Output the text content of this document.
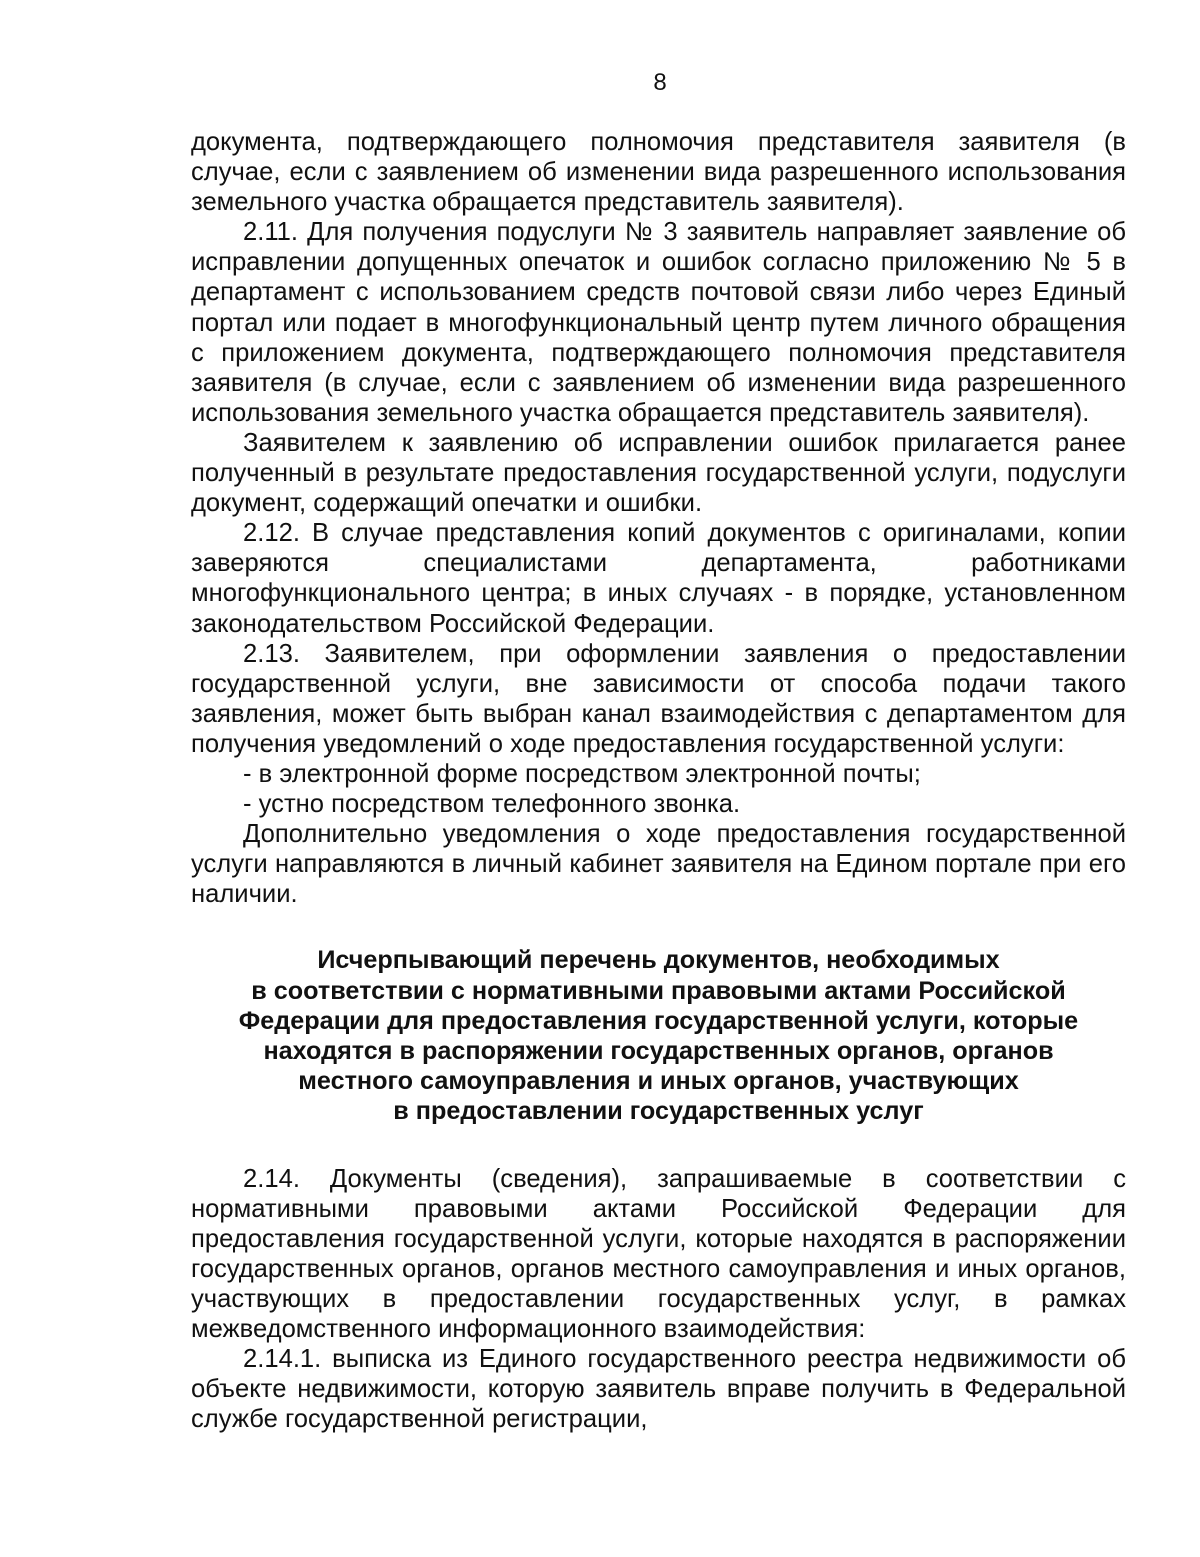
8

документа, подтверждающего полномочия представителя заявителя (в случае, если с заявлением об изменении вида разрешенного использования земельного участка обращается представитель заявителя).

2.11. Для получения подуслуги № 3 заявитель направляет заявление об исправлении допущенных опечаток и ошибок согласно приложению № 5 в департамент с использованием средств почтовой связи либо через Единый портал или подает в многофункциональный центр путем личного обращения с приложением документа, подтверждающего полномочия представителя заявителя (в случае, если с заявлением об изменении вида разрешенного использования земельного участка обращается представитель заявителя).

Заявителем к заявлению об исправлении ошибок прилагается ранее полученный в результате предоставления государственной услуги, подуслуги документ, содержащий опечатки и ошибки.

2.12. В случае представления копий документов с оригиналами, копии заверяются специалистами департамента, работниками многофункционального центра; в иных случаях - в порядке, установленном законодательством Российской Федерации.

2.13. Заявителем, при оформлении заявления о предоставлении государственной услуги, вне зависимости от способа подачи такого заявления, может быть выбран канал взаимодействия с департаментом для получения уведомлений о ходе предоставления государственной услуги:

- в электронной форме посредством электронной почты;

- устно посредством телефонного звонка.

Дополнительно уведомления о ходе предоставления государственной услуги направляются в личный кабинет заявителя на Едином портале при его наличии.

Исчерпывающий перечень документов, необходимых
в соответствии с нормативными правовыми актами Российской
Федерации для предоставления государственной услуги, которые
находятся в распоряжении государственных органов, органов
местного самоуправления и иных органов, участвующих
в предоставлении государственных услуг

2.14. Документы (сведения), запрашиваемые в соответствии с нормативными правовыми актами Российской Федерации для предоставления государственной услуги, которые находятся в распоряжении государственных органов, органов местного самоуправления и иных органов, участвующих в предоставлении государственных услуг, в рамках межведомственного информационного взаимодействия:

2.14.1. выписка из Единого государственного реестра недвижимости об объекте недвижимости, которую заявитель вправе получить в Федеральной службе государственной регистрации,
